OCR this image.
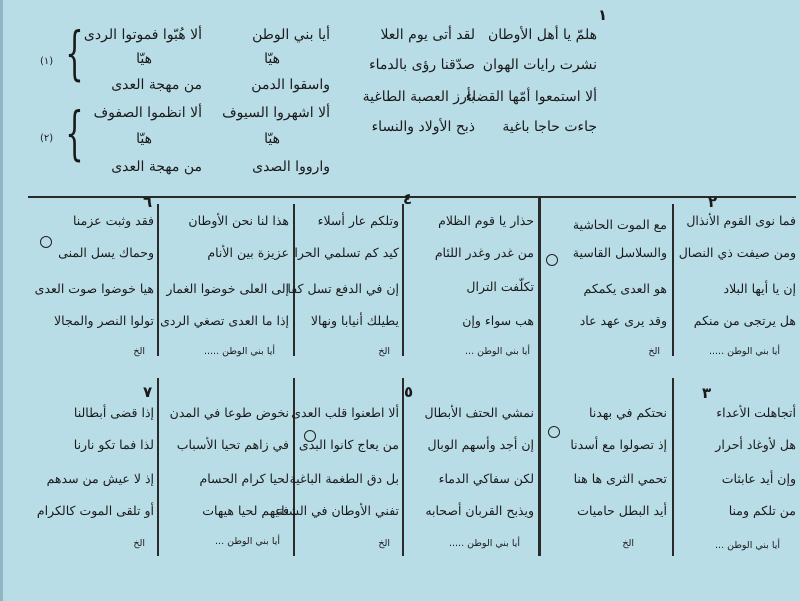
١
هلمّ يا أهل الأوطان
لقد أتى يوم العلا
نشرت رايات الهوان
صدّقنا رؤى بالدماء
ألا استمعوا أمّها القضاء
بأرز العصبة الطاغية
جاءت حاجا باغية
ذبح الأولاد والنساء
(١) {
(٢) {
أيا بني الوطن
ألا هُبّوا فموتوا الردى
هيّا
هيّا
واسقوا الدمن
من مهجة العدى
ألا اشهروا السيوف
ألا انظموا الصفوف
هيّا
هيّا
وارووا الصدى
من مهجة العدى
٢
٤
٦
٣
٥
٧
فما نوى القوم الأنذال
ومن صيفت ذي النصال
إن يا أيها البلاد
هل يرتجى من منكم
أيا بني الوطن .....
مع الموت الحاشية
والسلاسل القاسية
هو العدى يكمكم
وقد يرى عهد عاد
الخ
حذار يا قوم الظلام
من غدر وغدر اللئام
تكلّفت الترال
هب سواء وإن
أيا بني الوطن ...
وتلكم عار أسلاء
كيد كم تسلمي الحرا
إن في الدفع تسل كفا
يطيلك أنيابا ونهالا
الخ
هذا لنا نحن الأوطان
عزيزة بين الأنام
إلى العلى خوضوا الغمار
إذا ما العدى تصغي الردى
أيا بني الوطن .....
فقد وثبت عزمنا
وحماك يسل المنى
هيا خوضوا صوت العدى
تولوا النصر والمجالا
الخ
أتجاهلت الأعداء
هل لأوغاد أحرار
وإن أيد عابثات
من تلكم ومنا
أيا بني الوطن ...
نحتكم في بهدنا
إذ تصولوا مع أسدنا
تحمي الثرى ها هنا
أيد البطل حاميات
الخ
نمشي الحتف الأبطال
إن أجد وأسهم الوبال
لكن سفاكي الدماء
ويذبح القربان أصحابه
أيا بني الوطن .....
ألا اطعنوا قلب العدى
من يعاج كانوا البدى
بل دق الطغمة الباغية
تفني الأوطان في الشتاء
الخ
نخوض طوعا في المدن
في زاهم تحيا الأسباب
لحيا كرام الحسام
فتيهم لحيا هيهات
أيا بني الوطن ...
إذا قضى أبطالنا
لذا فما تكو نارنا
إذ لا عيش من سدهم
أو تلقى الموت كالكرام
الخ
